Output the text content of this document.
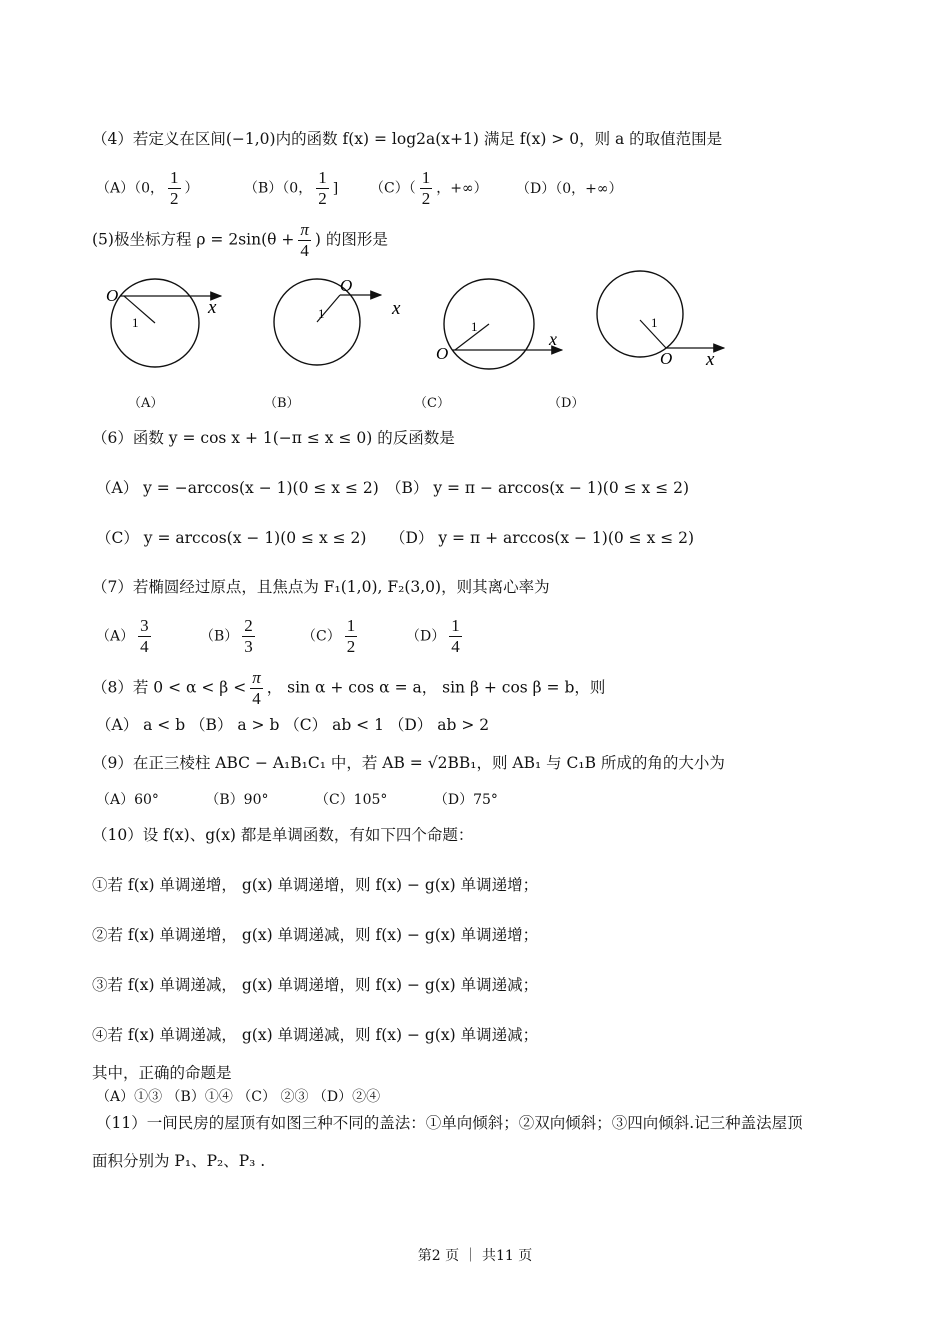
（4）若定义在区间(−1,0)内的函数 f(x) = log2a(x+1) 满足 f(x) > 0，则 a 的取值范围是
（A）（0， $\frac{1}{2}$ ）	（B）（0， $\frac{1}{2}$ ] $(C)( \frac{1}{2}$ ，+∞） （D）（0，+∞）
(5)极坐标方程 $\rho = 2\sin(\theta + \frac{\pi}{4}$ ) 的图形是
O
x
1
O
x
1
O
x
1
O x
1
（A）	（B）	（C）	（D）
（6）函数 y = cos x + 1(−π ≤ x ≤ 0) 的反函数是
（A） y = −arccos(x − 1)(0 ≤ x ≤ 2) （B） y = π − arccos(x − 1)(0 ≤ x ≤ 2)
（C） y = arccos(x − 1)(0 ≤ x ≤ 2) （D） y = π + arccos(x − 1)(0 ≤ x ≤ 2)
（7）若椭圆经过原点，且焦点为 F₁(1,0), F₂(3,0)，则其离心率为
$(A) \frac{3}{4}$	$(B) \frac{2}{3}$	$(C) \frac{1}{2}$	$(D) \frac{1}{4}$
（8）若 $0 < \alpha < \beta < \frac{\pi}{4}$ ， sin α + cos α = a， sin β + cos β = b，则
（A） a < b （B） a > b （C） ab < 1 （D） ab > 2
（9）在正三棱柱 ABC − A₁B₁C₁ 中，若 AB = √2BB₁，则 AB₁ 与 C₁B 所成的角的大小为
（A）60°	（B）90°	（C）105°	（D）75°
（10）设 f(x)、g(x) 都是单调函数，有如下四个命题：
①若 f(x) 单调递增， g(x) 单调递增，则 f(x) − g(x) 单调递增；
②若 f(x) 单调递增， g(x) 单调递减，则 f(x) − g(x) 单调递增；
③若 f(x) 单调递减， g(x) 单调递增，则 f(x) − g(x) 单调递减；
④若 f(x) 单调递减， g(x) 单调递减，则 f(x) − g(x) 单调递减；
其中，正确的命题是
（A）①③ （B）①④ （C） ②③ （D）②④
（11）一间民房的屋顶有如图三种不同的盖法：①单向倾斜；②双向倾斜；③四向倾斜.记三种盖法屋顶
面积分别为 P₁、P₂、P₃ .
第2 页 ｜ 共11 页
